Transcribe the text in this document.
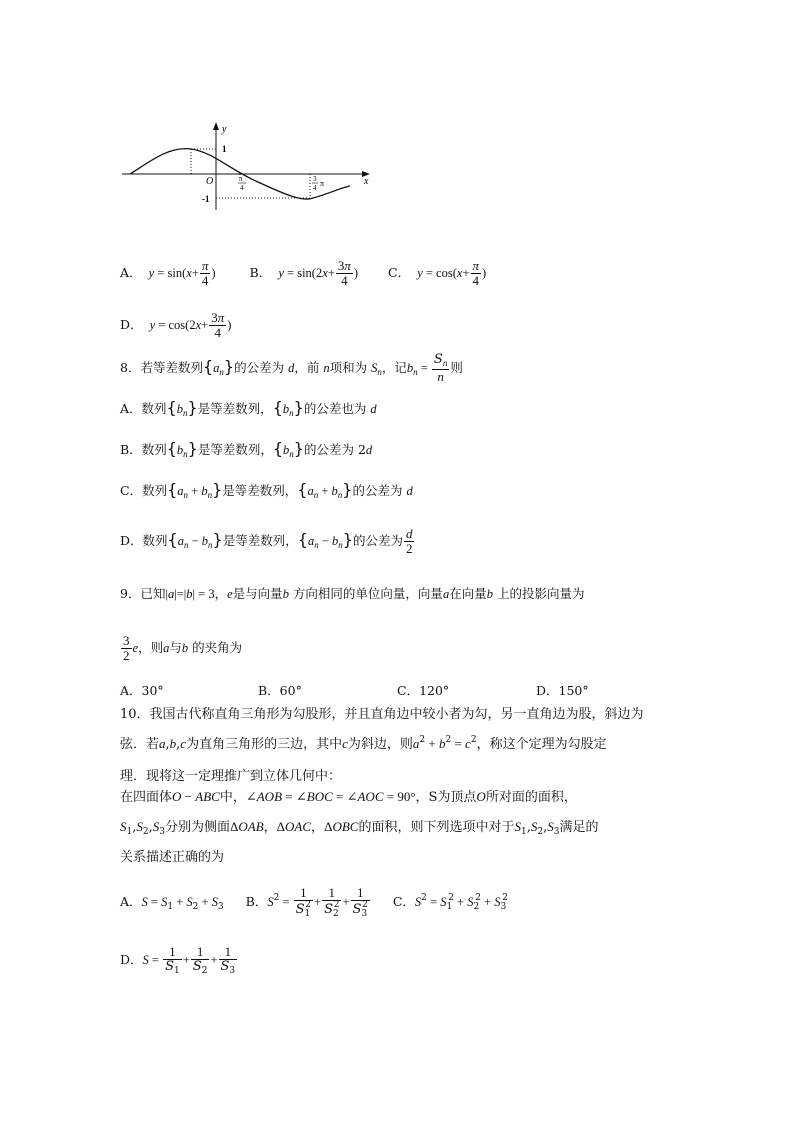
y
x
O
1
-1
π
4
3
4 π
A．  $y = \sin(x+ \frac{\pi}{4}$ )	B．  $y = \sin(2x+ \frac{3\pi}{4}$ ) C．  $y = \cos(x+ \frac{\pi}{4}$ )
D．  $y = \cos(2x+ \frac{3\pi}{4}$ )
8．若等差数列$\{a_n\}$的公差为 d，前 n项和为 $S_n$，记$b_n = \frac{S_n}{n}$ 则
A．数列$\{b_n\}$是等差数列，$\{b_n\}$的公差也为 d
B．数列$\{b_n\}$是等差数列，$\{b_n\}$的公差为 2d
C．数列$\{a_n + b_n\}$是等差数列，$\{a_n + b_n\}$的公差为 d
D．数列$\{a_n - b_n\}$是等差数列，$\{a_n - b_n\}$的公差为 $\frac{d}{2}$
9．已知|a|=|b| = 3，e是与向量b 方向相同的单位向量，向量a在向量b 上的投影向量为
$\frac{3}{2}$ e，则a与b 的夹角为
A．30°	B．60°	C．120°	D．150°
10．我国古代称直角三角形为勾股形，并且直角边中较小者为勾，另一直角边为股，斜边为
弦．若a,b,c为直角三角形的三边，其中c为斜边，则$a^2 + b^2 = c^2$，称这个定理为勾股定
理．现将这一定理推广到立体几何中：
在四面体O − ABC中，∠AOB = ∠BOC = ∠AOC = 90°，S为顶点O所对面的面积，
$S_1,S_2,S_3$分别为侧面ΔOAB，ΔOAC，ΔOBC的面积，则下列选项中对于$S_1,S_2,S_3$满足的
关系描述正确的为
A．$S = S_1 + S_2 + S_3$  B．$S^2 = \frac{1}{S_1^2} + \frac{1}{S_2^2} + \frac{1}{S_3^2}$ C．$S^2 = S_1^2 + S_2^2 + S_3^2$
D．$S = \frac{1}{S_1} + \frac{1}{S_2} + \frac{1}{S_3}$
